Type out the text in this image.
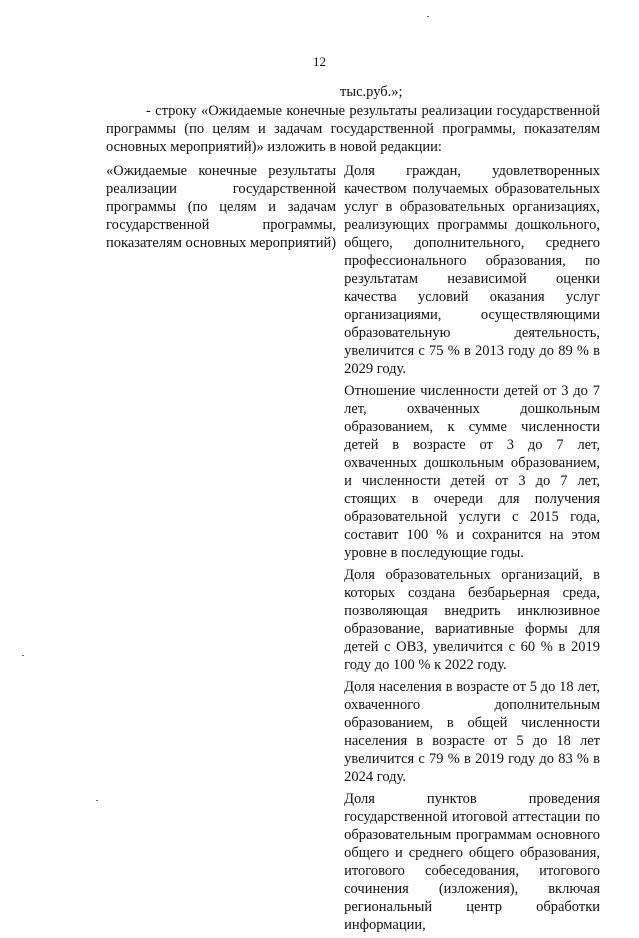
12
тыс.руб.»;
- строку «Ожидаемые конечные результаты реализации государственной программы (по целям и задачам государственной программы, показателям основных мероприятий)» изложить в новой редакции:
«Ожидаемые конечные результаты реализации государственной программы (по целям и задачам государственной программы, показателям основных мероприятий)

Доля граждан, удовлетворенных качеством получаемых образовательных услуг в образовательных организациях, реализующих программы дошкольного, общего, дополнительного, среднего профессионального образования, по результатам независимой оценки качества условий оказания услуг организациями, осуществляющими образовательную деятельность, увеличится с 75 % в 2013 году до 89 % в 2029 году.

Отношение численности детей от 3 до 7 лет, охваченных дошкольным образованием, к сумме численности детей в возрасте от 3 до 7 лет, охваченных дошкольным образованием, и численности детей от 3 до 7 лет, стоящих в очереди для получения образовательной услуги с 2015 года, составит 100 % и сохранится на этом уровне в последующие годы.

Доля образовательных организаций, в которых создана безбарьерная среда, позволяющая внедрить инклюзивное образование, вариативные формы для детей с ОВЗ, увеличится с 60 % в 2019 году до 100 % к 2022 году.

Доля населения в возрасте от 5 до 18 лет, охваченного дополнительным образованием, в общей численности населения в возрасте от 5 до 18 лет увеличится с 79 % в 2019 году до 83 % в 2024 году.

Доля пунктов проведения государственной итоговой аттестации по образовательным программам основного общего и среднего общего образования, итогового собеседования, итогового сочинения (изложения), включая региональный центр обработки информации,
